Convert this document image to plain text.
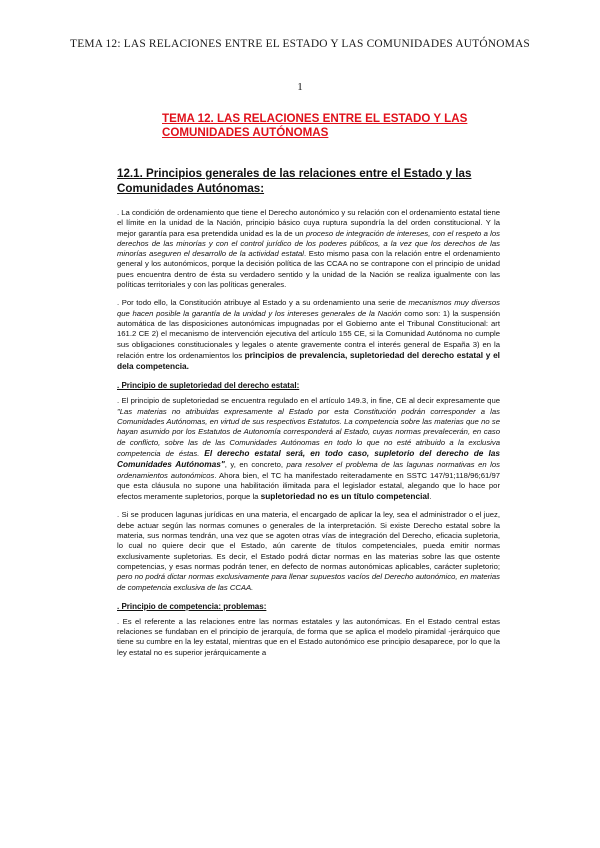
TEMA 12: LAS RELACIONES ENTRE EL ESTADO Y LAS COMUNIDADES AUTÓNOMAS
1
TEMA 12. LAS RELACIONES ENTRE EL ESTADO Y LAS
COMUNIDADES AUTÓNOMAS
12.1. Principios generales de las relaciones entre el Estado y las
Comunidades Autónomas:

. La condición de ordenamiento que tiene el Derecho autonómico y su relación con el ordenamiento estatal tiene el límite en la unidad de la Nación, principio básico cuya ruptura supondría la del orden constitucional. Y la mejor garantía para esa pretendida unidad es la de un proceso de integración de intereses, con el respeto a los derechos de las minorías y con el control jurídico de los poderes públicos, a la vez que los derechos de las minorías aseguren el desarrollo de la actividad estatal. Esto mismo pasa con la relación entre el ordenamiento general y los autonómicos, porque la decisión política de las CCAA no se contrapone con el principio de unidad pues encuentra dentro de ésta su verdadero sentido y la unidad de la Nación se realiza igualmente con las políticas territoriales y con las políticas generales.

. Por todo ello, la Constitución atribuye al Estado y a su ordenamiento una serie de mecanismos muy diversos que hacen posible la garantía de la unidad y los intereses generales de la Nación como son: 1) la suspensión automática de las disposiciones autonómicas impugnadas por el Gobierno ante el Tribunal Constitucional: art 161.2 CE 2) el mecanismo de intervención ejecutiva del artículo 155 CE, si la Comunidad Autónoma no cumple sus obligaciones constitucionales y legales o atente gravemente contra el interés general de España 3) en la relación entre los ordenamientos los principios de prevalencia, supletoriedad del derecho estatal y el dela competencia.

. Principio de supletoriedad del derecho estatal:

. El principio de supletoriedad se encuentra regulado en el artículo 149.3, in fine, CE al decir expresamente que "Las materias no atribuidas expresamente al Estado por esta Constitución podrán corresponder a las Comunidades Autónomas, en virtud de sus respectivos Estatutos. La competencia sobre las materias que no se hayan asumido por los Estatutos de Autonomía corresponderá al Estado, cuyas normas prevalecerán, en caso de conflicto, sobre las de las Comunidades Autónomas en todo lo que no esté atribuido a la exclusiva competencia de éstas. El derecho estatal será, en todo caso, supletorio del derecho de las Comunidades Autónomas", y, en concreto, para resolver el problema de las lagunas normativas en los ordenamientos autonómicos. Ahora bien, el TC ha manifestado reiteradamente en SSTC 147/91;118/96;61/97 que esta cláusula no supone una habilitación ilimitada para el legislador estatal, alegando que lo hace por efectos meramente supletorios, porque la supletoriedad no es un título competencial.

. Si se producen lagunas jurídicas en una materia, el encargado de aplicar la ley, sea el administrador o el juez, debe actuar según las normas comunes o generales de la interpretación. Si existe Derecho estatal sobre la materia, sus normas tendrán, una vez que se agoten otras vías de integración del Derecho, eficacia supletoria, lo cual no quiere decir que el Estado, aún carente de títulos competenciales, pueda emitir normas exclusivamente supletorias. Es decir, el Estado podrá dictar normas en las materias sobre las que ostente competencias, y esas normas podrán tener, en defecto de normas autonómicas aplicables, carácter supletorio; pero no podrá dictar normas exclusivamente para llenar supuestos vacíos del Derecho autonómico, en materias de competencia exclusiva de las CCAA.

. Principio de competencia: problemas:

. Es el referente a las relaciones entre las normas estatales y las autonómicas. En el Estado central estas relaciones se fundaban en el principio de jerarquía, de forma que se aplica el modelo piramidal -jerárquico que tiene su cumbre en la ley estatal, mientras que en el Estado autonómico ese principio desaparece, por lo que la ley estatal no es superior jerárquicamente a
